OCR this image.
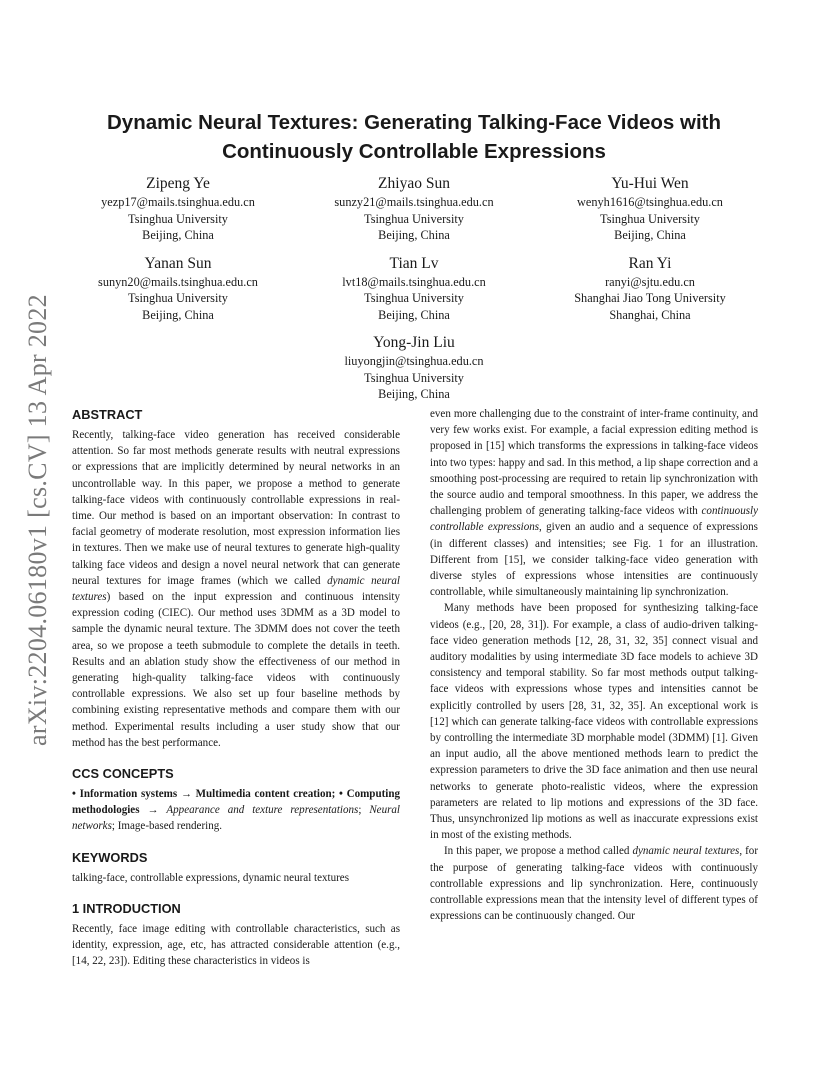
arXiv:2204.06180v1 [cs.CV] 13 Apr 2022
Dynamic Neural Textures: Generating Talking-Face Videos with Continuously Controllable Expressions
Zipeng Ye
yezp17@mails.tsinghua.edu.cn
Tsinghua University
Beijing, China
Zhiyao Sun
sunzy21@mails.tsinghua.edu.cn
Tsinghua University
Beijing, China
Yu-Hui Wen
wenyh1616@tsinghua.edu.cn
Tsinghua University
Beijing, China
Yanan Sun
sunyn20@mails.tsinghua.edu.cn
Tsinghua University
Beijing, China
Tian Lv
lvt18@mails.tsinghua.edu.cn
Tsinghua University
Beijing, China
Ran Yi
ranyi@sjtu.edu.cn
Shanghai Jiao Tong University
Shanghai, China
Yong-Jin Liu
liuyongjin@tsinghua.edu.cn
Tsinghua University
Beijing, China
ABSTRACT

Recently, talking-face video generation has received considerable attention. So far most methods generate results with neutral expressions or expressions that are implicitly determined by neural networks in an uncontrollable way. In this paper, we propose a method to generate talking-face videos with continuously controllable expressions in real-time. Our method is based on an important observation: In contrast to facial geometry of moderate resolution, most expression information lies in textures. Then we make use of neural textures to generate high-quality talking face videos and design a novel neural network that can generate neural textures for image frames (which we called dynamic neural textures) based on the input expression and continuous intensity expression coding (CIEC). Our method uses 3DMM as a 3D model to sample the dynamic neural texture. The 3DMM does not cover the teeth area, so we propose a teeth submodule to complete the details in teeth. Results and an ablation study show the effectiveness of our method in generating high-quality talking-face videos with continuously controllable expressions. We also set up four baseline methods by combining existing representative methods and compare them with our method. Experimental results including a user study show that our method has the best performance.

CCS CONCEPTS

• Information systems → Multimedia content creation; • Computing methodologies → Appearance and texture representations; Neural networks; Image-based rendering.

KEYWORDS

talking-face, controllable expressions, dynamic neural textures

1 INTRODUCTION

Recently, face image editing with controllable characteristics, such as identity, expression, age, etc, has attracted considerable attention (e.g., [14, 22, 23]). Editing these characteristics in videos is

even more challenging due to the constraint of inter-frame continuity, and very few works exist. For example, a facial expression editing method is proposed in [15] which transforms the expressions in talking-face videos into two types: happy and sad. In this method, a lip shape correction and a smoothing post-processing are required to retain lip synchronization with the source audio and temporal smoothness. In this paper, we address the challenging problem of generating talking-face videos with continuously controllable expressions, given an audio and a sequence of expressions (in different classes) and intensities; see Fig. 1 for an illustration. Different from [15], we consider talking-face video generation with diverse styles of expressions whose intensities are continuously controllable, while simultaneously maintaining lip synchronization.

Many methods have been proposed for synthesizing talking-face videos (e.g., [20, 28, 31]). For example, a class of audio-driven talking-face video generation methods [12, 28, 31, 32, 35] connect visual and auditory modalities by using intermediate 3D face models to achieve 3D consistency and temporal stability. So far most methods output talking-face videos with expressions whose types and intensities cannot be explicitly controlled by users [28, 31, 32, 35]. An exceptional work is [12] which can generate talking-face videos with controllable expressions by controlling the intermediate 3D morphable model (3DMM) [1]. Given an input audio, all the above mentioned methods learn to predict the expression parameters to drive the 3D face animation and then use neural networks to generate photo-realistic videos, where the expression parameters are related to lip motions and expressions of the 3D face. Thus, unsynchronized lip motions as well as inaccurate expressions exist in most of the existing methods.

In this paper, we propose a method called dynamic neural textures, for the purpose of generating talking-face videos with continuously controllable expressions and lip synchronization. Here, continuously controllable expressions mean that the intensity level of different types of expressions can be continuously changed. Our
